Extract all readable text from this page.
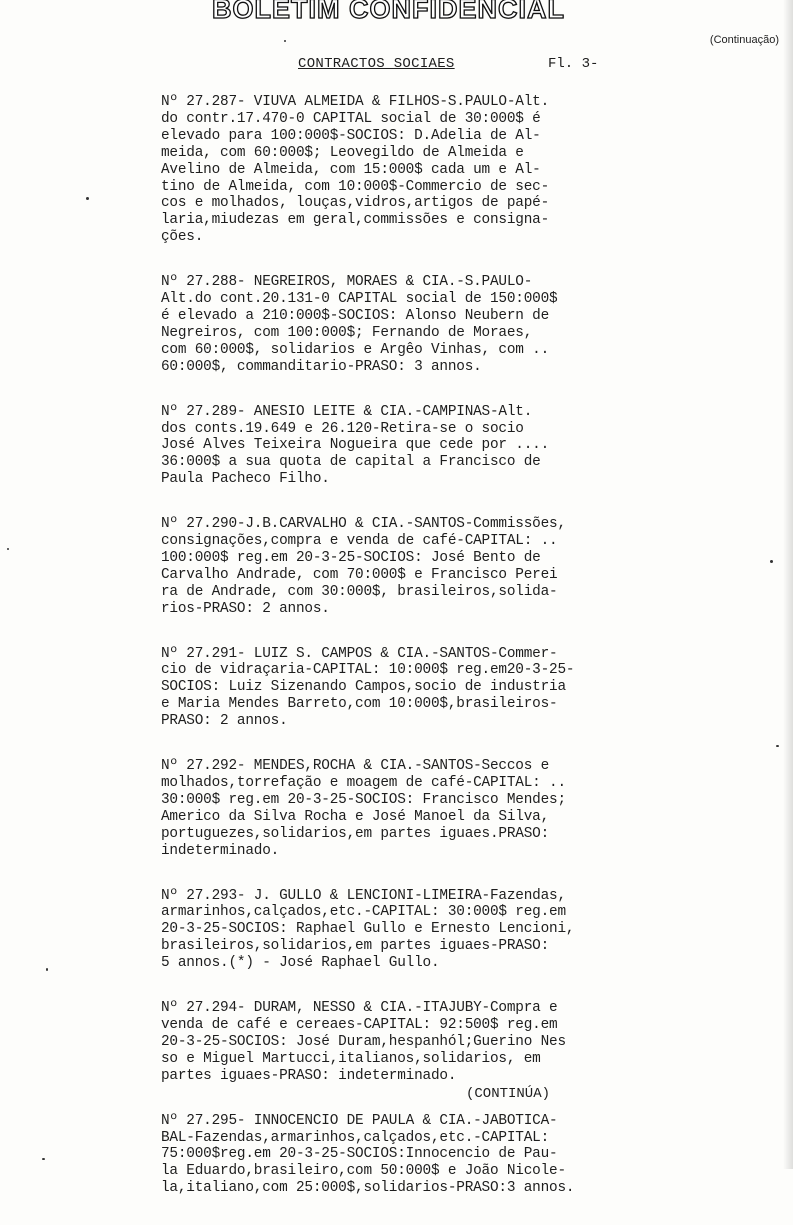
BOLETIM CONFIDENCIAL
(Continuação)
CONTRACTOS SOCIAES	Fl. 3-
Nº 27.287- VIUVA ALMEIDA & FILHOS-S.PAULO-Alt.
do contr.17.470-0 CAPITAL social de 30:000$ é
elevado para 100:000$-SOCIOS: D.Adelia de Al-
meida, com 60:000$; Leovegildo de Almeida e
Avelino de Almeida, com 15:000$ cada um e Al-
tino de Almeida, com 10:000$-Commercio de sec-
cos e molhados, louças,vidros,artigos de papé-
laria,miudezas em geral,commissões e consigna-
ções.
Nº 27.288- NEGREIROS, MORAES & CIA.-S.PAULO-
Alt.do cont.20.131-0 CAPITAL social de 150:000$
é elevado a 210:000$-SOCIOS: Alonso Neubern de
Negreiros, com 100:000$; Fernando de Moraes,
com 60:000$, solidarios e Argêo Vinhas, com ..
60:000$, commanditario-PRASO: 3 annos.
Nº 27.289- ANESIO LEITE & CIA.-CAMPINAS-Alt.
dos conts.19.649 e 26.120-Retira-se o socio
José Alves Teixeira Nogueira que cede por ....
36:000$ a sua quota de capital a Francisco de
Paula Pacheco Filho.
Nº 27.290-J.B.CARVALHO & CIA.-SANTOS-Commissões,
consignações,compra e venda de café-CAPITAL: ..
100:000$ reg.em 20-3-25-SOCIOS: José Bento de
Carvalho Andrade, com 70:000$ e Francisco Perei
ra de Andrade, com 30:000$, brasileiros,solida-
rios-PRASO: 2 annos.
Nº 27.291- LUIZ S. CAMPOS & CIA.-SANTOS-Commer-
cio de vidraçaria-CAPITAL: 10:000$ reg.em20-3-25-
SOCIOS: Luiz Sizenando Campos,socio de industria
e Maria Mendes Barreto,com 10:000$,brasileiros-
PRASO: 2 annos.
Nº 27.292- MENDES,ROCHA & CIA.-SANTOS-Seccos e
molhados,torrefação e moagem de café-CAPITAL: ..
30:000$ reg.em 20-3-25-SOCIOS: Francisco Mendes;
Americo da Silva Rocha e José Manoel da Silva,
portuguezes,solidarios,em partes iguaes.PRASO:
indeterminado.
Nº 27.293- J. GULLO & LENCIONI-LIMEIRA-Fazendas,
armarinhos,calçados,etc.-CAPITAL: 30:000$ reg.em
20-3-25-SOCIOS: Raphael Gullo e Ernesto Lencioni,
brasileiros,solidarios,em partes iguaes-PRASO:
5 annos.(*) - José Raphael Gullo.
Nº 27.294- DURAM, NESSO & CIA.-ITAJUBY-Compra e
venda de café e cereaes-CAPITAL: 92:500$ reg.em
20-3-25-SOCIOS: José Duram,hespanhól;Guerino Nes
so e Miguel Martucci,italianos,solidarios, em
partes iguaes-PRASO: indeterminado.
Nº 27.295- INNOCENCIO DE PAULA & CIA.-JABOTICA-
BAL-Fazendas,armarinhos,calçados,etc.-CAPITAL:
75:000$reg.em 20-3-25-SOCIOS:Innocencio de Pau-
la Eduardo,brasileiro,com 50:000$ e João Nicole-
la,italiano,com 25:000$,solidarios-PRASO:3 annos.
(CONTINÚA)
